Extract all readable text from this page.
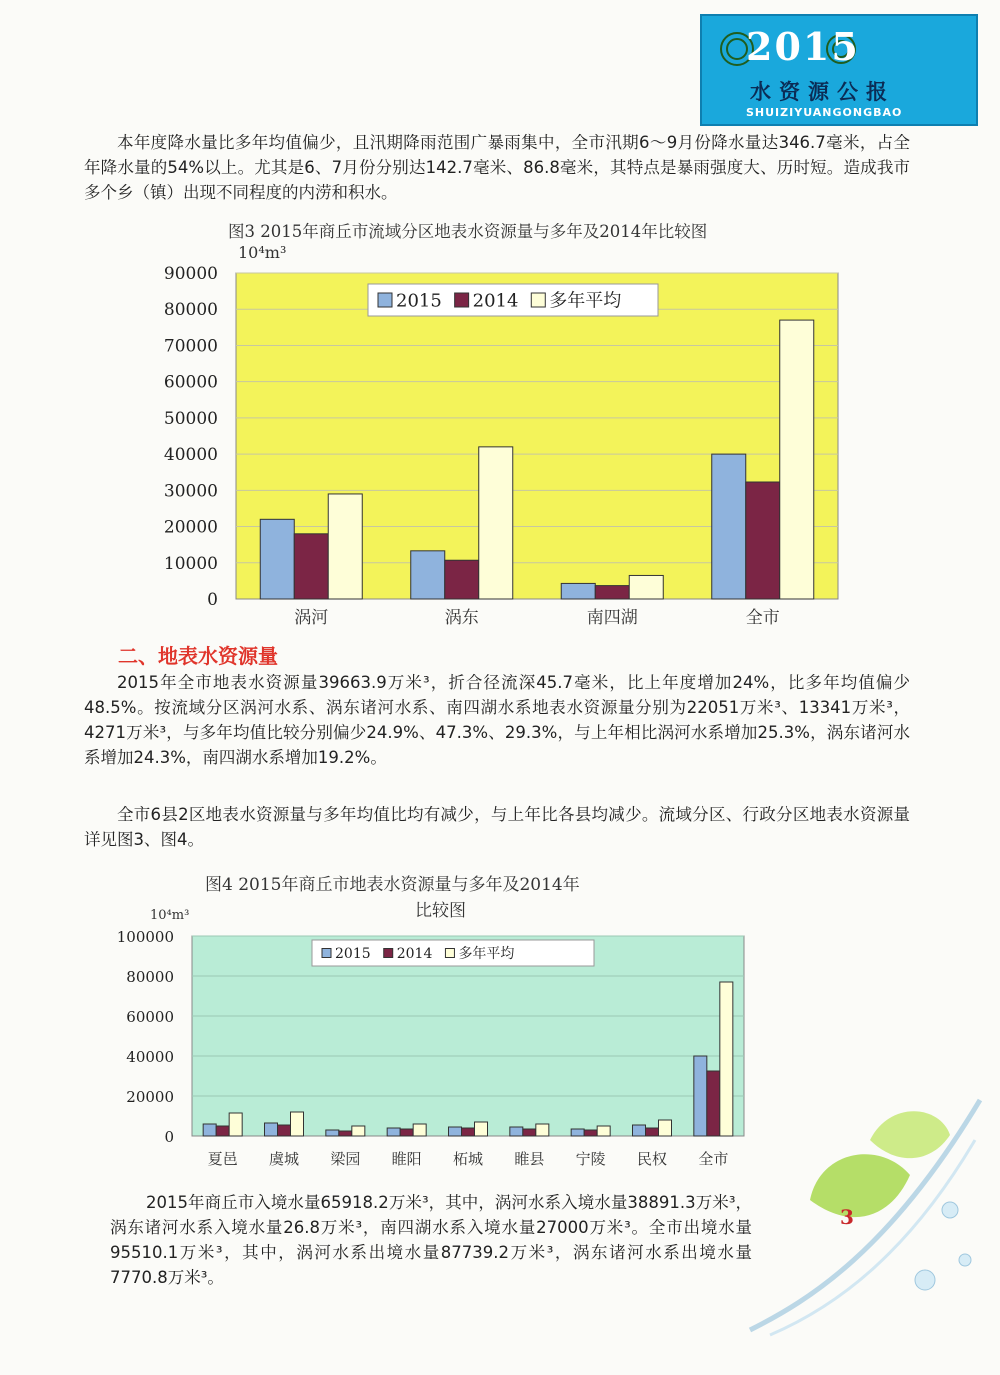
2015
水资源公报
SHUIZIYUANGONGBAO

本年度降水量比多年均值偏少，且汛期降雨范围广暴雨集中，全市汛期6～9月份降水量达346.7毫米，占全年降水量的54%以上。尤其是6、7月份分别达142.7毫米、86.8毫米，其特点是暴雨强度大、历时短。造成我市多个乡（镇）出现不同程度的内涝和积水。

图3 2015年商丘市流域分区地表水资源量与多年及2014年比较图
10⁴m³
0
10000
20000
30000
40000
50000
60000
70000
80000
90000
涡河	涡东	南四湖	全市
2015 2014 多年平均
二、地表水资源量

2015年全市地表水资源量39663.9万米³，折合径流深45.7毫米，比上年度增加24%，比多年均值偏少48.5%。按流域分区涡河水系、涡东诸河水系、南四湖水系地表水资源量分别为22051万米³、13341万米³，4271万米³，与多年均值比较分别偏少24.9%、47.3%、29.3%，与上年相比涡河水系增加25.3%，涡东诸河水系增加24.3%，南四湖水系增加19.2%。

全市6县2区地表水资源量与多年均值比均有减少，与上年比各县均减少。流域分区、行政分区地表水资源量详见图3、图4。

图4 2015年商丘市地表水资源量与多年及2014年
比较图
10⁴m³
0
20000
40000
60000
80000
100000
夏邑 虞城 梁园 睢阳 柘城 睢县 宁陵 民权 全市
2015 2014 多年平均

2015年商丘市入境水量65918.2万米³，其中，涡河水系入境水量38891.3万米³，涡东诸河水系入境水量26.8万米³，南四湖水系入境水量27000万米³。全市出境水量95510.1万米³，其中，涡河水系出境水量87739.2万米³，涡东诸河水系出境水量7770.8万米³。

3
